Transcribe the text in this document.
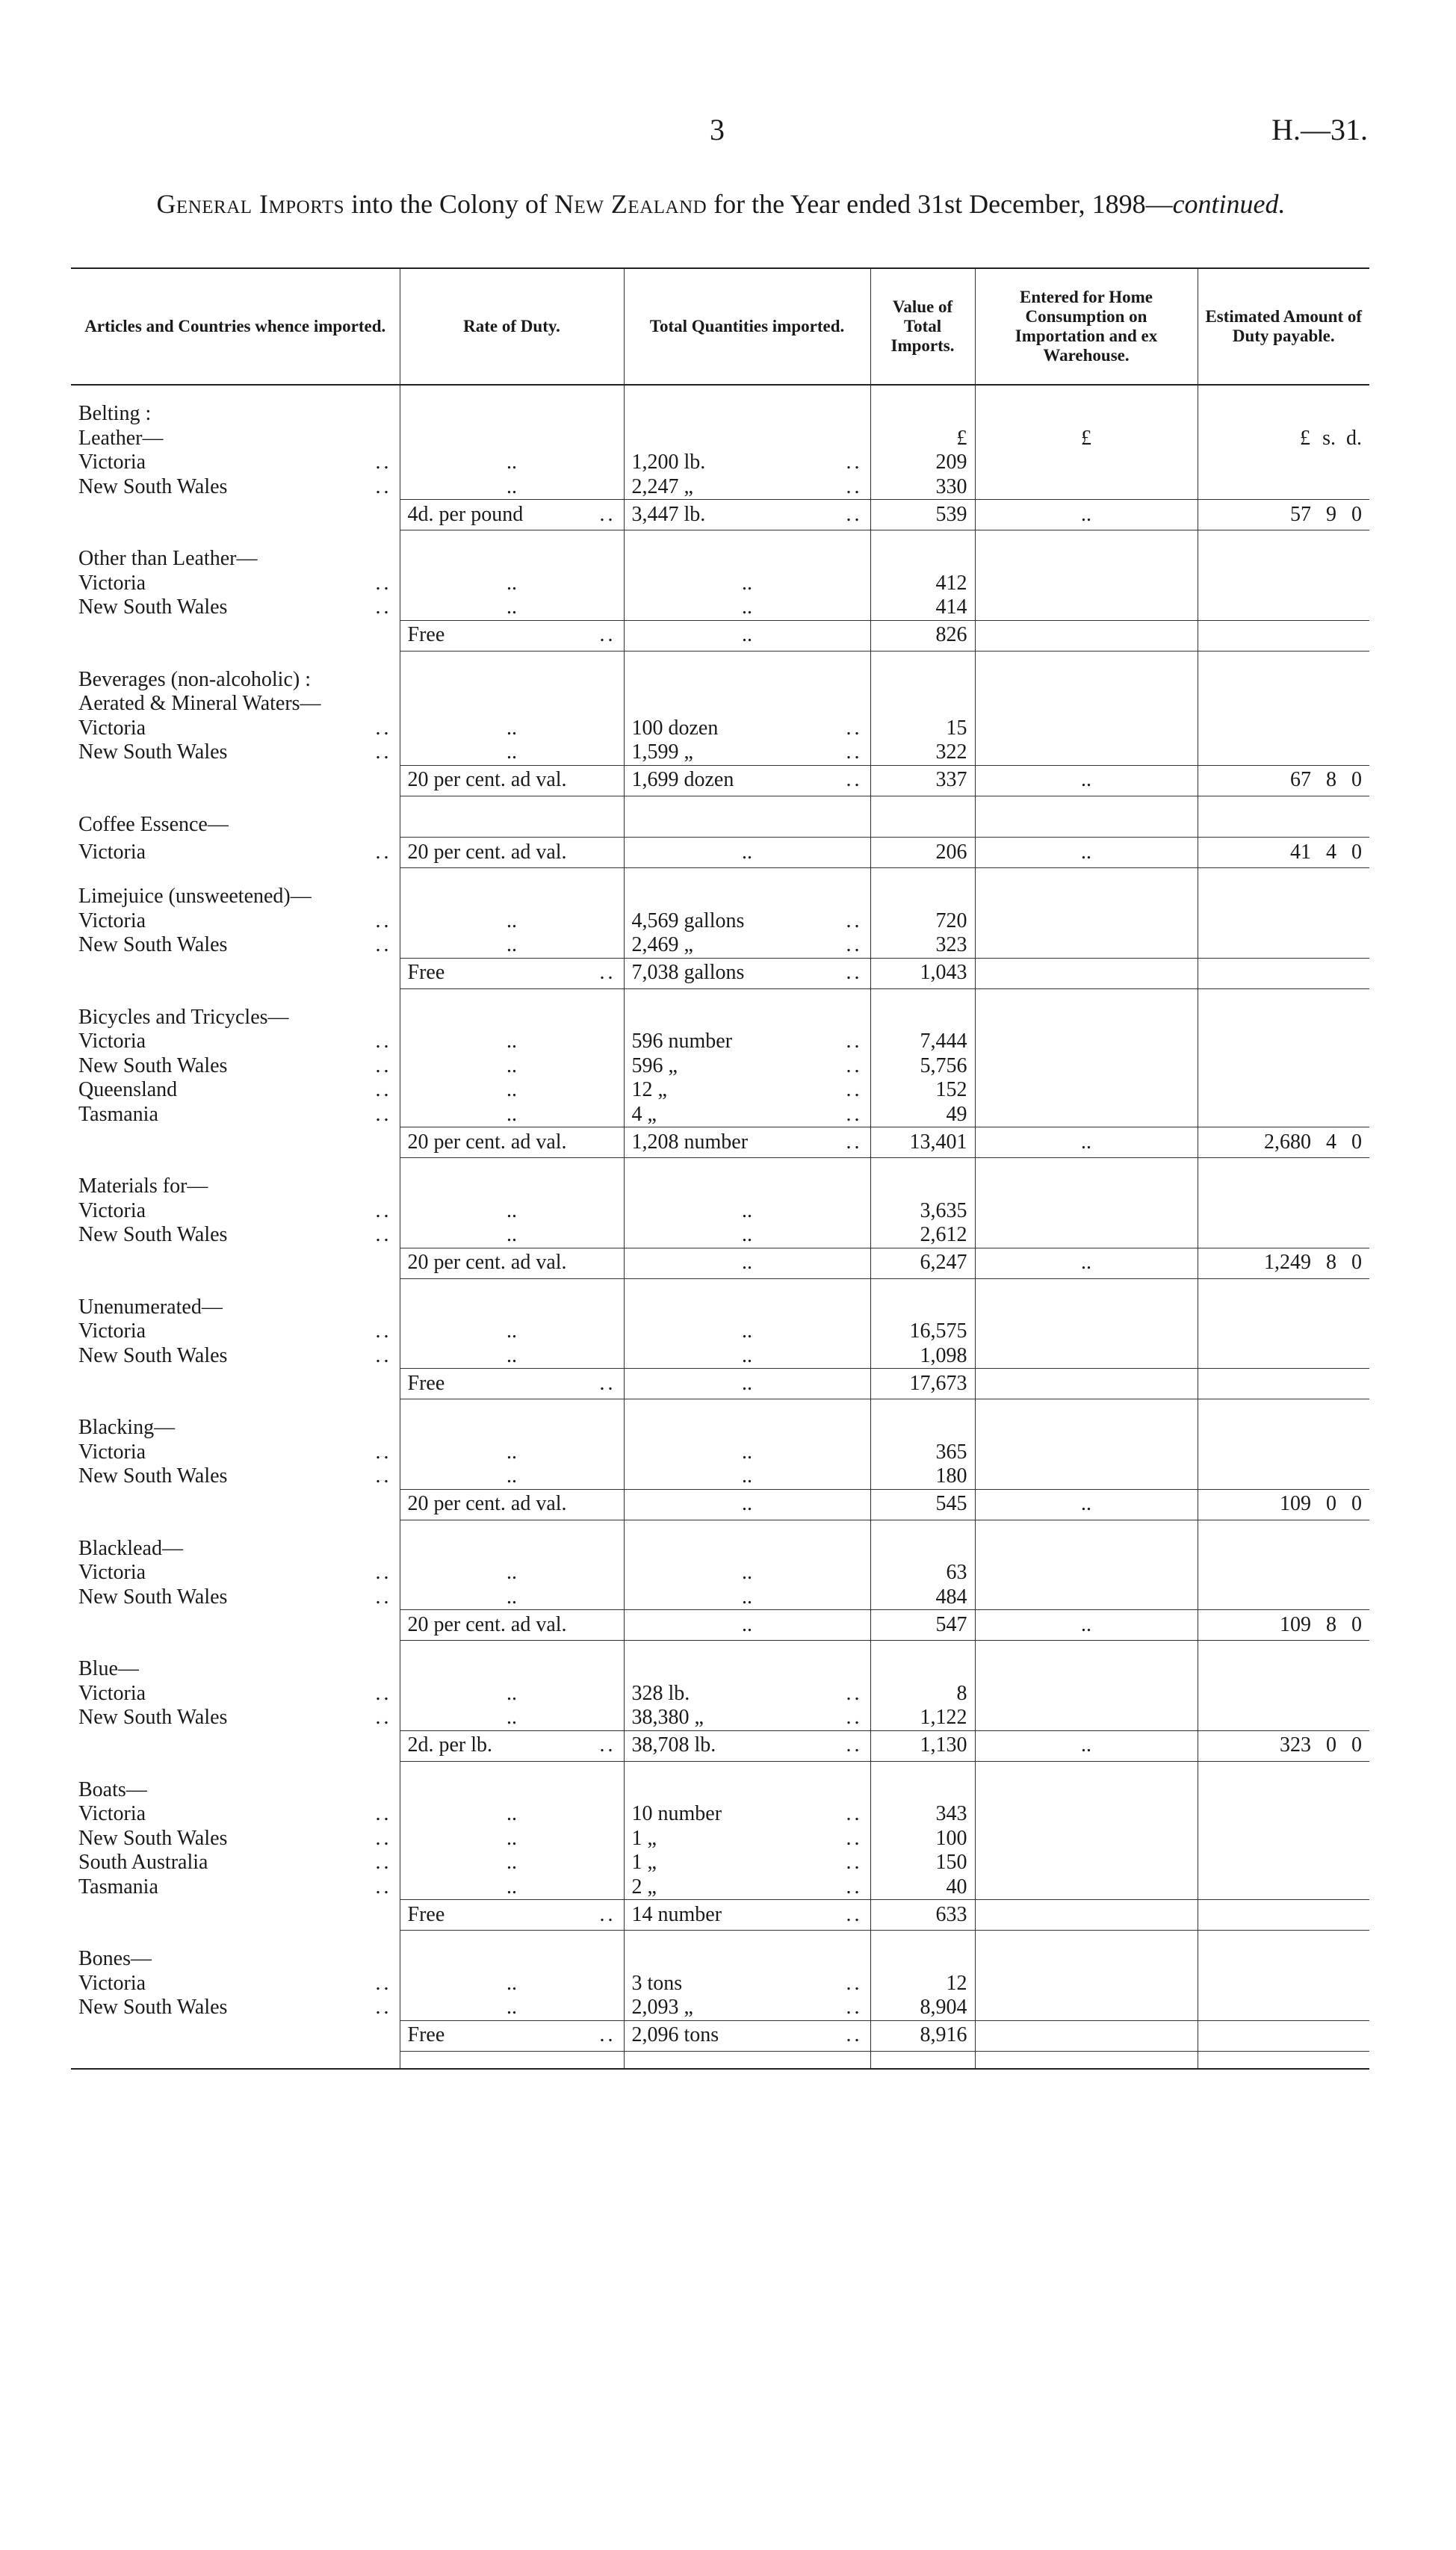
3	H.—31.
General Imports into the Colony of New Zealand for the Year ended 31st December, 1898—continued.
Articles and Countries whence imported.	Rate of Duty.	Total Quantities imported.	Value of Total Imports.	Entered for Home Consumption on Importation and ex Warehouse.	Estimated Amount of Duty payable.

Belting :					
Leather—			£	£	£ s. d.

Victoria ..	..	1,200 lb. ..	209		
New South Wales ..	..	2,247 „ ..	330		
	4d. per pound ..	3,447 lb. ..	539	..	57 9 0

Other than Leather—					
Victoria ..	..	..	412		
New South Wales ..	..	..	414		
	Free ..	..	826		

Beverages (non-alcoholic) :					
Aerated & Mineral Waters—					
Victoria ..	..	100 dozen ..	15		
New South Wales ..	..	1,599 „ ..	322		
	20 per cent. ad val.	1,699 dozen ..	337	..	67 8 0

Coffee Essence—					
Victoria ..	20 per cent. ad val.	..	206	..	41 4 0

Limejuice (unsweetened)—					
Victoria ..	..	4,569 gallons ..	720		
New South Wales ..	..	2,469 „ ..	323		
	Free ..	7,038 gallons ..	1,043		

Bicycles and Tricycles—					
Victoria ..	..	596 number ..	7,444		
New South Wales ..	..	596 „ ..	5,756		
Queensland ..	..	12 „ ..	152		
Tasmania ..	..	4 „ ..	49		
	20 per cent. ad val.	1,208 number ..	13,401	..	2,680 4 0

Materials for—					
Victoria ..	..	..	3,635		
New South Wales ..	..	..	2,612		
	20 per cent. ad val.	..	6,247	..	1,249 8 0

Unenumerated—					
Victoria ..	..	..	16,575		
New South Wales ..	..	..	1,098		
	Free ..	..	17,673		

Blacking—					
Victoria ..	..	..	365		
New South Wales ..	..	..	180		
	20 per cent. ad val.	..	545	..	109 0 0

Blacklead—					
Victoria ..	..	..	63		
New South Wales ..	..	..	484		
	20 per cent. ad val.	..	547	..	109 8 0

Blue—					
Victoria ..	..	328 lb. ..	8		
New South Wales ..	..	38,380 „ ..	1,122		
	2d. per lb. ..	38,708 lb. ..	1,130	..	323 0 0

Boats—					
Victoria ..	..	10 number ..	343		
New South Wales ..	..	1 „ ..	100		
South Australia ..	..	1 „ ..	150		
Tasmania ..	..	2 „ ..	40		
	Free ..	14 number ..	633		

Bones—					
Victoria ..	..	3 tons ..	12		
New South Wales ..	..	2,093 „ ..	8,904		
	Free ..	2,096 tons ..	8,916		
